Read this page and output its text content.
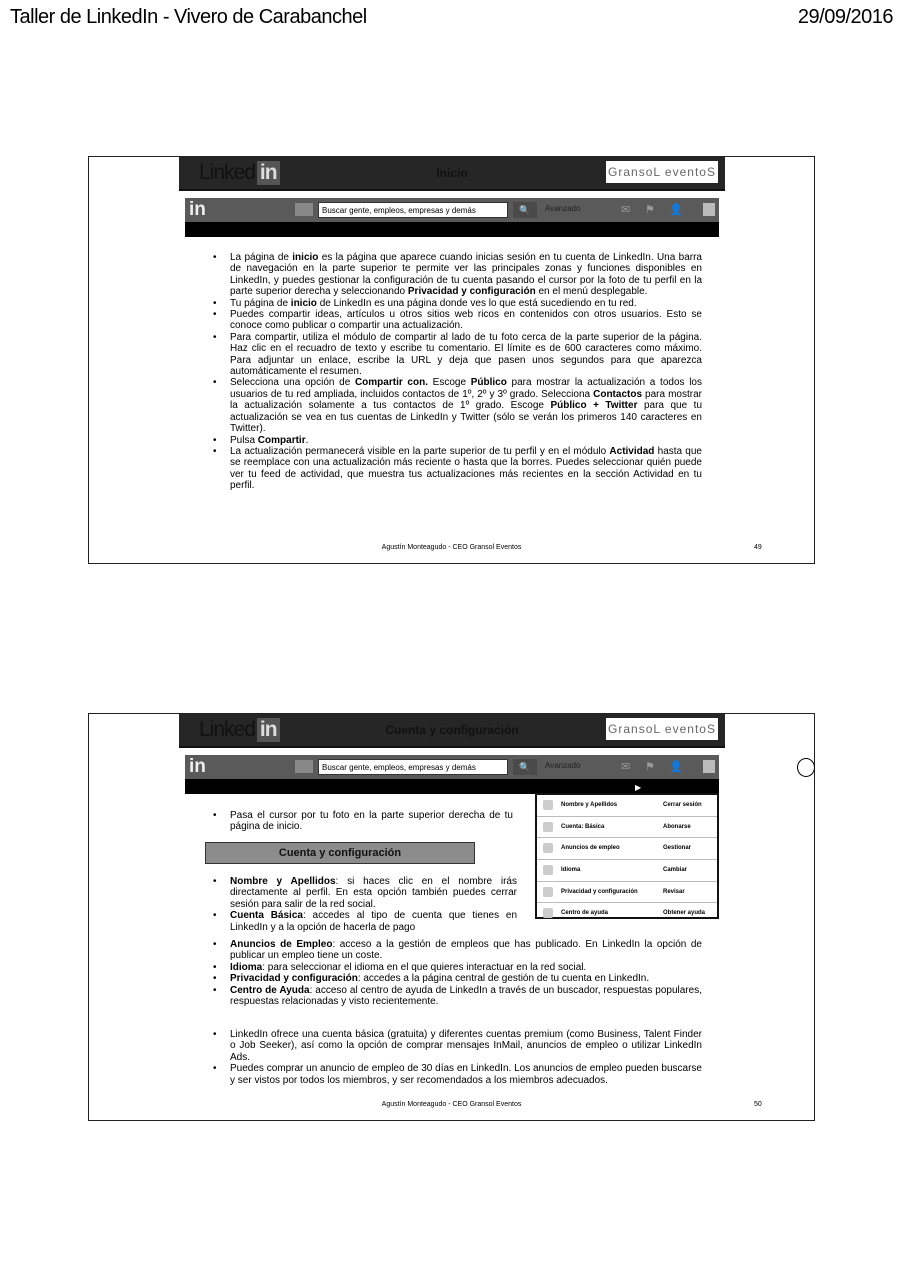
Taller de LinkedIn - Vivero de Carabanchel	29/09/2016
Linked in	Inicio	GransoL eventoS
in	Buscar gente, empleos, empresas y demás	🔍	Avanzado	✉ ⚑ 👤
• La página de inicio es la página que aparece cuando inicias sesión en tu cuenta de LinkedIn. Una barra de navegación en la parte superior te permite ver las principales zonas y funciones disponibles en LinkedIn, y puedes gestionar la configuración de tu cuenta pasando el cursor por la foto de tu perfil en la parte superior derecha y seleccionando Privacidad y configuración en el menú desplegable.
• Tu página de inicio de LinkedIn es una página donde ves lo que está sucediendo en tu red.
• Puedes compartir ideas, artículos u otros sitios web ricos en contenidos con otros usuarios. Esto se conoce como publicar o compartir una actualización.
• Para compartir, utiliza el módulo de compartir al lado de tu foto cerca de la parte superior de la página. Haz clic en el recuadro de texto y escribe tu comentario. El límite es de 600 caracteres como máximo. Para adjuntar un enlace, escribe la URL y deja que pasen unos segundos para que aparezca automáticamente el resumen.
• Selecciona una opción de Compartir con. Escoge Público para mostrar la actualización a todos los usuarios de tu red ampliada, incluidos contactos de 1º, 2º y 3º grado. Selecciona Contactos para mostrar la actualización solamente a tus contactos de 1º grado. Escoge Público + Twitter para que tu actualización se vea en tus cuentas de LinkedIn y Twitter (sólo se verán los primeros 140 caracteres en Twitter).
• Pulsa Compartir.
• La actualización permanecerá visible en la parte superior de tu perfil y en el módulo Actividad hasta que se reemplace con una actualización más reciente o hasta que la borres. Puedes seleccionar quién puede ver tu feed de actividad, que muestra tus actualizaciones más recientes en la sección Actividad en tu perfil.
Agustín Monteagudo - CEO Gransol Eventos	49
Linked in	Cuenta y configuración	GransoL eventoS
in	Buscar gente, empleos, empresas y demás	🔍	Avanzado	✉ ⚑ 👤
▶
• Pasa el cursor por tu foto en la parte superior derecha de tu página de inicio.
Cuenta y configuración
• Nombre y Apellidos: si haces clic en el nombre irás directamente al perfil. En esta opción también puedes cerrar sesión para salir de la red social.
• Cuenta Básica: accedes al tipo de cuenta que tienes en LinkedIn y a la opción de hacerla de pago
• Anuncios de Empleo: acceso a la gestión de empleos que has publicado. En LinkedIn la opción de publicar un empleo tiene un coste.
• Idioma: para seleccionar el idioma en el que quieres interactuar en la red social.
• Privacidad y configuración: accedes a la página central de gestión de tu cuenta en LinkedIn.
• Centro de Ayuda: acceso al centro de ayuda de LinkedIn a través de un buscador, respuestas populares, respuestas relacionadas y visto recientemente.
• LinkedIn ofrece una cuenta básica (gratuita) y diferentes cuentas premium (como Business, Talent Finder o Job Seeker), así como la opción de comprar mensajes InMail, anuncios de empleo o utilizar LinkedIn Ads.
• Puedes comprar un anuncio de empleo de 30 días en LinkedIn. Los anuncios de empleo pueden buscarse y ser vistos por todos los miembros, y ser recomendados a los miembros adecuados.
Nombre y Apellidos	Cerrar sesión
Cuenta: Básica	Abonarse
Anuncios de empleo	Gestionar
Idioma	Cambiar
Privacidad y configuración	Revisar
Centro de ayuda	Obtener ayuda
Agustín Monteagudo - CEO Gransol Eventos	50
